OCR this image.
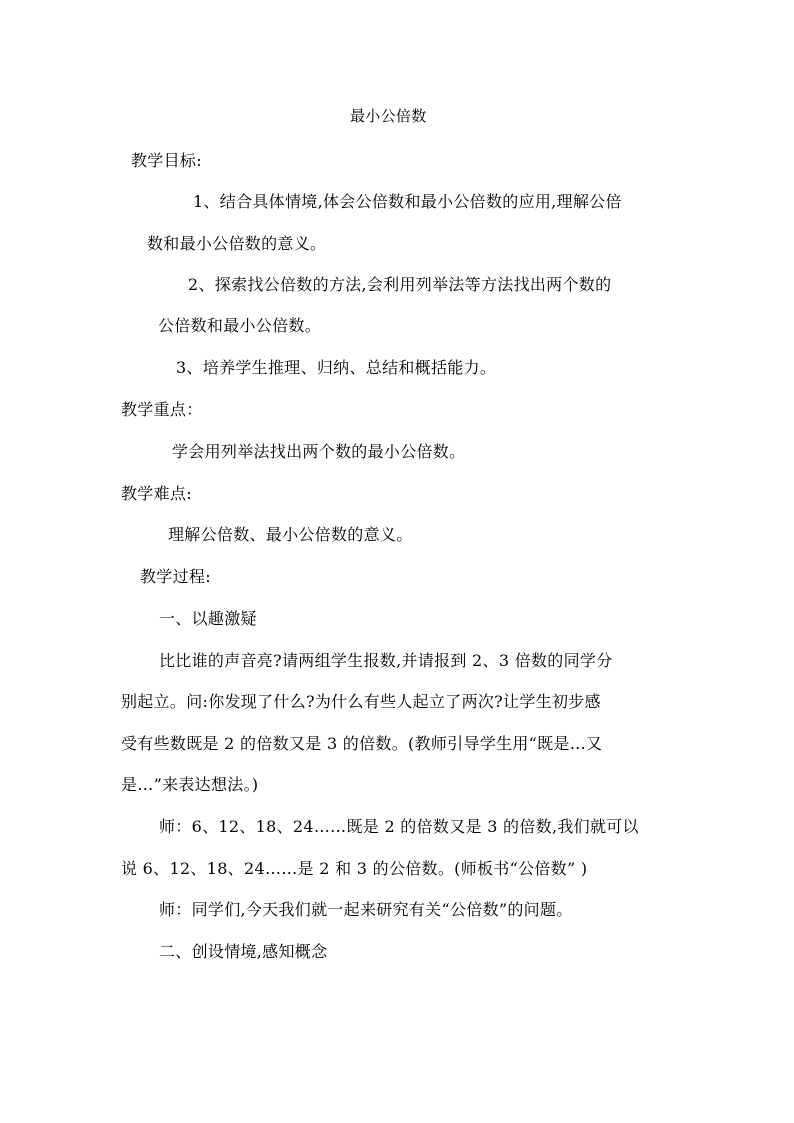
最小公倍数
教学目标:
1、结合具体情境,体会公倍数和最小公倍数的应用,理解公倍
数和最小公倍数的意义。
2、探索找公倍数的方法,会利用列举法等方法找出两个数的
公倍数和最小公倍数。
3、培养学生推理、归纳、总结和概括能力。
教学重点：
学会用列举法找出两个数的最小公倍数。
教学难点:
理解公倍数、最小公倍数的意义。
教学过程:
一、以趣激疑
比比谁的声音亮?请两组学生报数,并请报到 2、3 倍数的同学分
别起立。问:你发现了什么?为什么有些人起立了两次?让学生初步感
受有些数既是 2 的倍数又是 3 的倍数。(教师引导学生用“既是…又
是…”来表达想法。)
师：6、12、18、24……既是 2 的倍数又是 3 的倍数,我们就可以
说 6、12、18、24……是 2 和 3 的公倍数。(师板书“公倍数” )
师：同学们,今天我们就一起来研究有关“公倍数”的问题。
二、创设情境,感知概念
